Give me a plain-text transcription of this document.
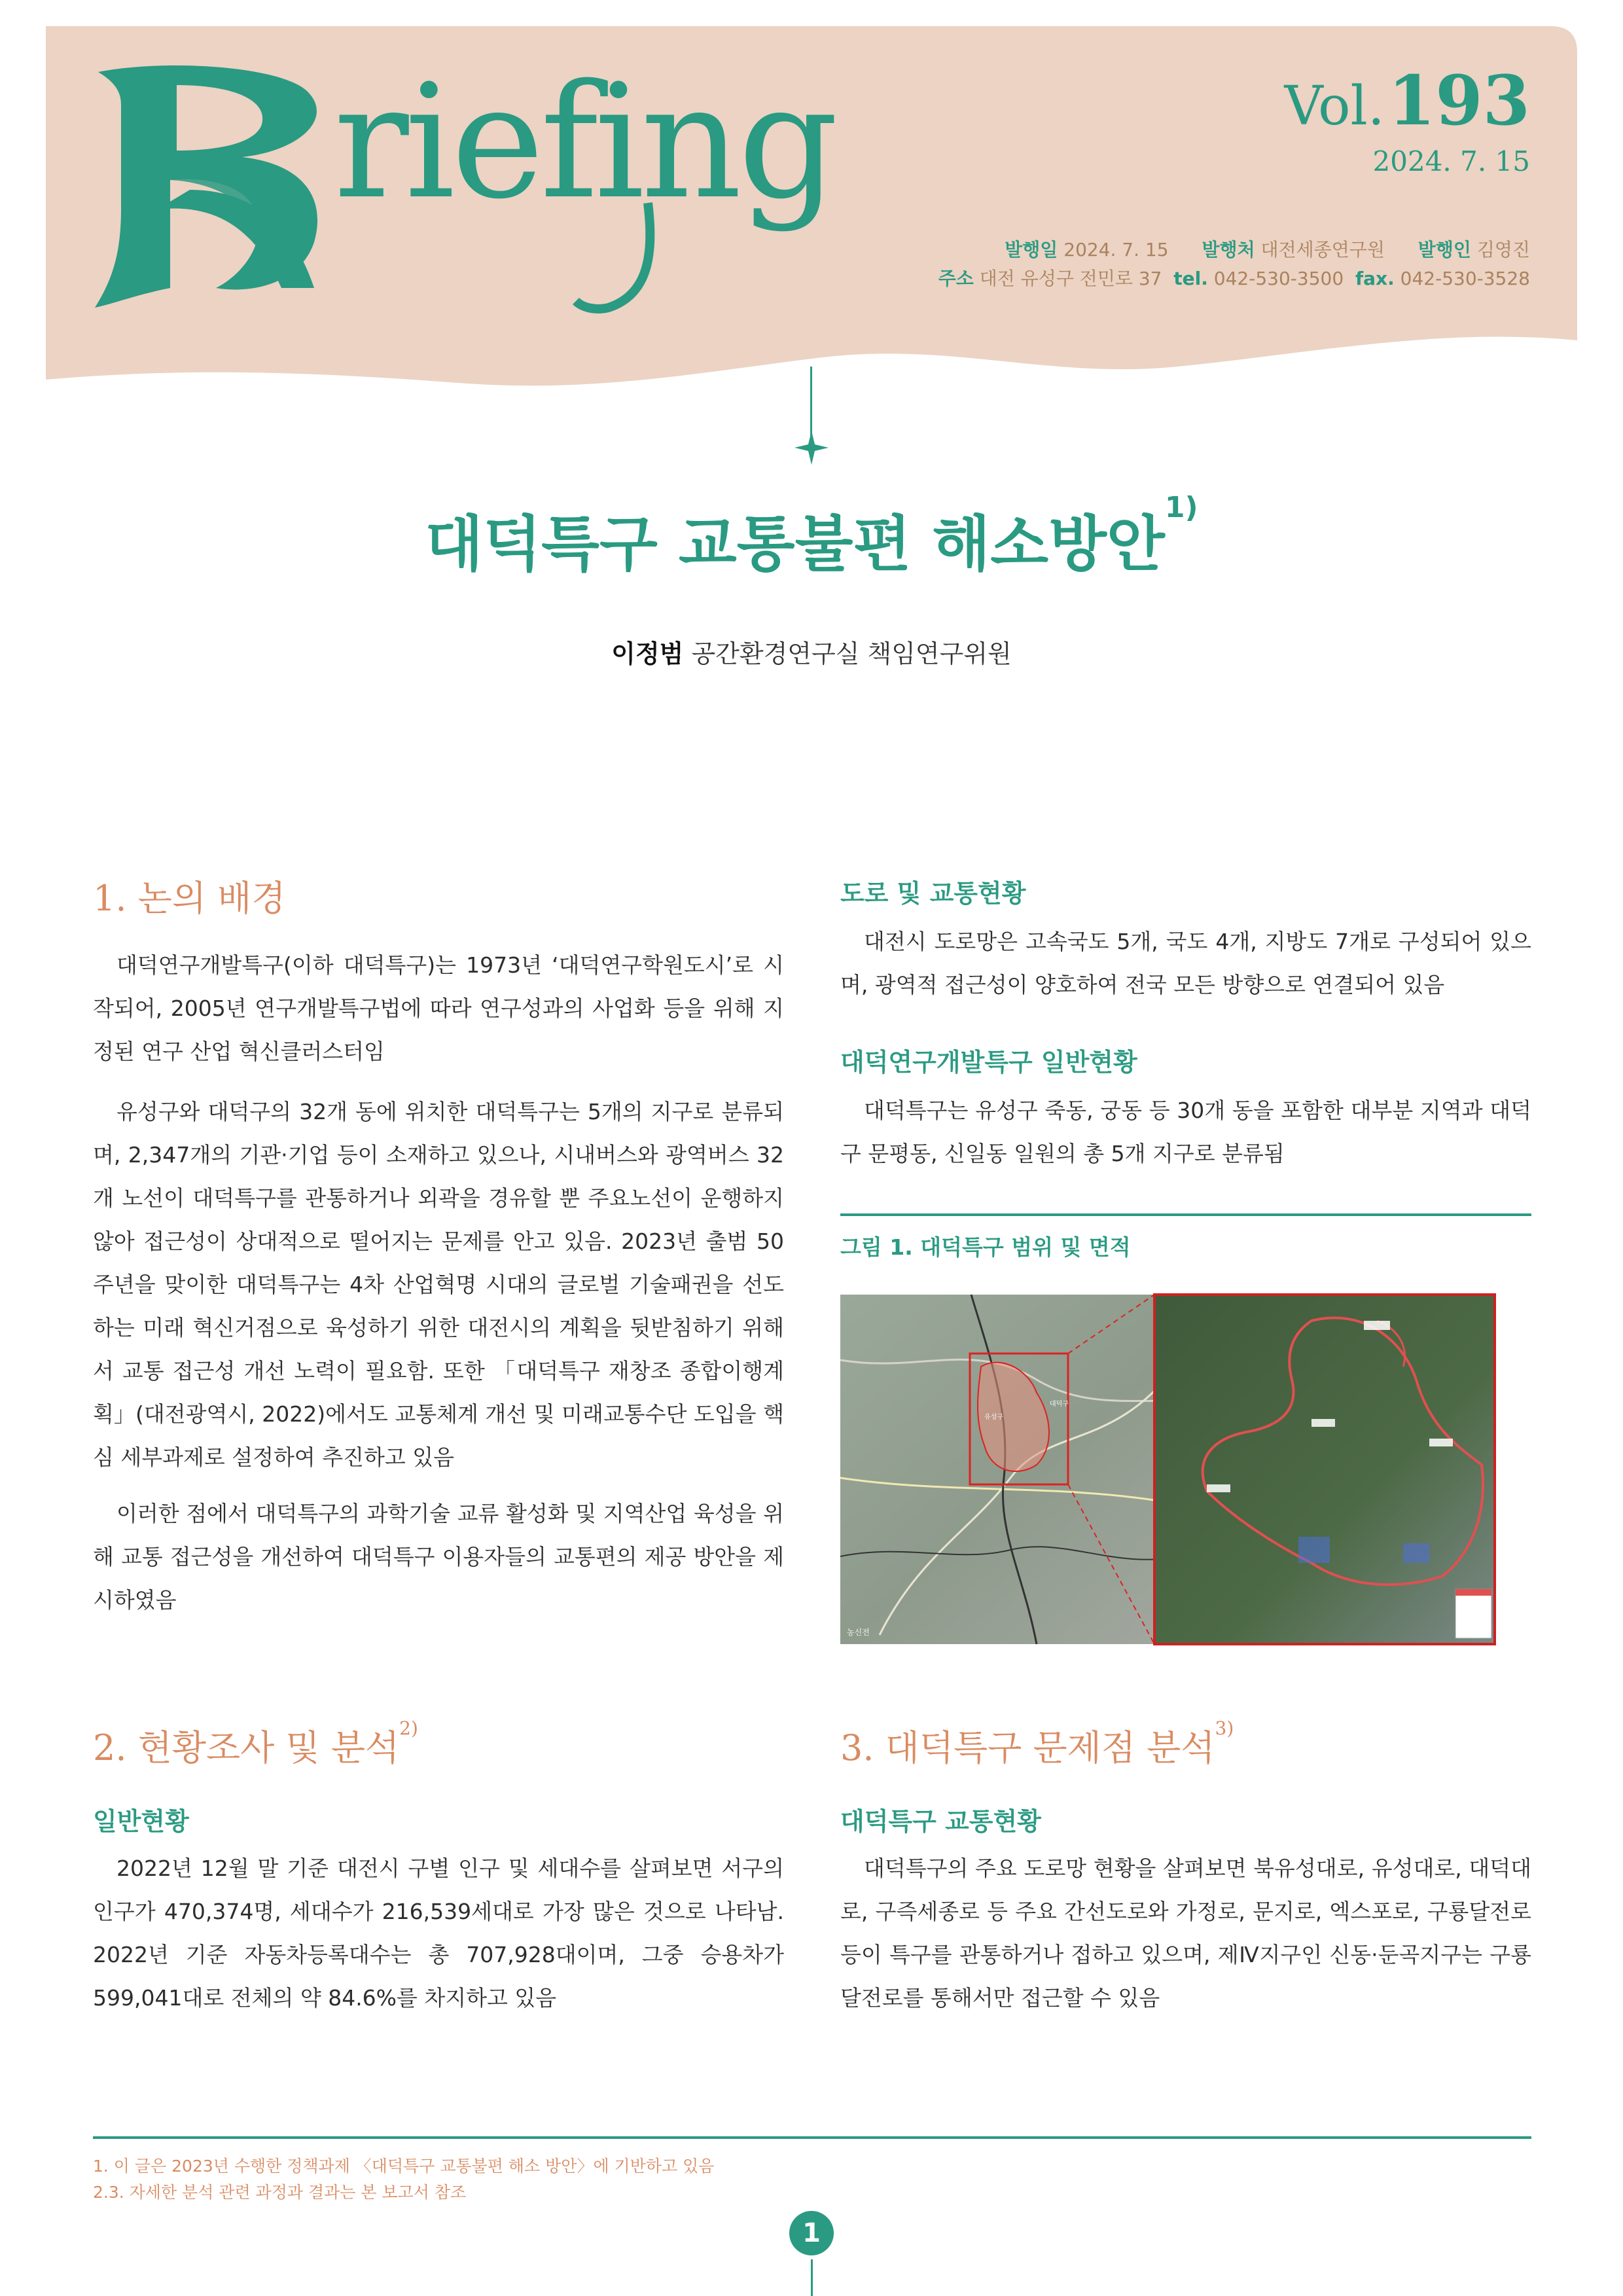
riefing	Vol. 193
2024. 7. 15
발행일 2024. 7. 15 발행처 대전세종연구원 발행인 김영진
주소 대전 유성구 전민로 37 tel. 042-530-3500 fax. 042-530-3528
대덕특구 교통불편 해소방안$^{1)}$
이정범 공간환경연구실 책임연구위원
1. 논의 배경

대덕연구개발특구(이하 대덕특구)는 1973년 ‘대덕연구학원도시’로 시작되어, 2005년 연구개발특구법에 따라 연구성과의 사업화 등을 위해 지정된 연구 산업 혁신클러스터임

유성구와 대덕구의 32개 동에 위치한 대덕특구는 5개의 지구로 분류되며, 2,347개의 기관·기업 등이 소재하고 있으나, 시내버스와 광역버스 32개 노선이 대덕특구를 관통하거나 외곽을 경유할 뿐 주요노선이 운행하지 않아 접근성이 상대적으로 떨어지는 문제를 안고 있음. 2023년 출범 50주년을 맞이한 대덕특구는 4차 산업혁명 시대의 글로벌 기술패권을 선도하는 미래 혁신거점으로 육성하기 위한 대전시의 계획을 뒷받침하기 위해서 교통 접근성 개선 노력이 필요함. 또한 「대덕특구 재창조 종합이행계획」(대전광역시, 2022)에서도 교통체계 개선 및 미래교통수단 도입을 핵심 세부과제로 설정하여 추진하고 있음

이러한 점에서 대덕특구의 과학기술 교류 활성화 및 지역산업 육성을 위해 교통 접근성을 개선하여 대덕특구 이용자들의 교통편의 제공 방안을 제시하였음

도로 및 교통현황

대전시 도로망은 고속국도 5개, 국도 4개, 지방도 7개로 구성되어 있으며, 광역적 접근성이 양호하여 전국 모든 방향으로 연결되어 있음

대덕연구개발특구 일반현황

대덕특구는 유성구 죽동, 궁동 등 30개 동을 포함한 대부분 지역과 대덕구 문평동, 신일동 일원의 총 5개 지구로 분류됨

그림 1. 대덕특구 범위 및 면적
농신전
유성구
대덕구
2. 현황조사 및 분석$^{2)}$
일반현황

2022년 12월 말 기준 대전시 구별 인구 및 세대수를 살펴보면 서구의 인구가 470,374명, 세대수가 216,539세대로 가장 많은 것으로 나타남. 2022년 기준 자동차등록대수는 총 707,928대이며, 그중 승용차가 599,041대로 전체의 약 84.6%를 차지하고 있음

3. 대덕특구 문제점 분석$^{3)}$
대덕특구 교통현황

대덕특구의 주요 도로망 현황을 살펴보면 북유성대로, 유성대로, 대덕대로, 구즉세종로 등 주요 간선도로와 가정로, 문지로, 엑스포로, 구룡달전로 등이 특구를 관통하거나 접하고 있으며, 제Ⅳ지구인 신동·둔곡지구는 구룡달전로를 통해서만 접근할 수 있음

1. 이 글은 2023년 수행한 정책과제 〈대덕특구 교통불편 해소 방안〉에 기반하고 있음
2.3. 자세한 분석 관련 과정과 결과는 본 보고서 참조
1
